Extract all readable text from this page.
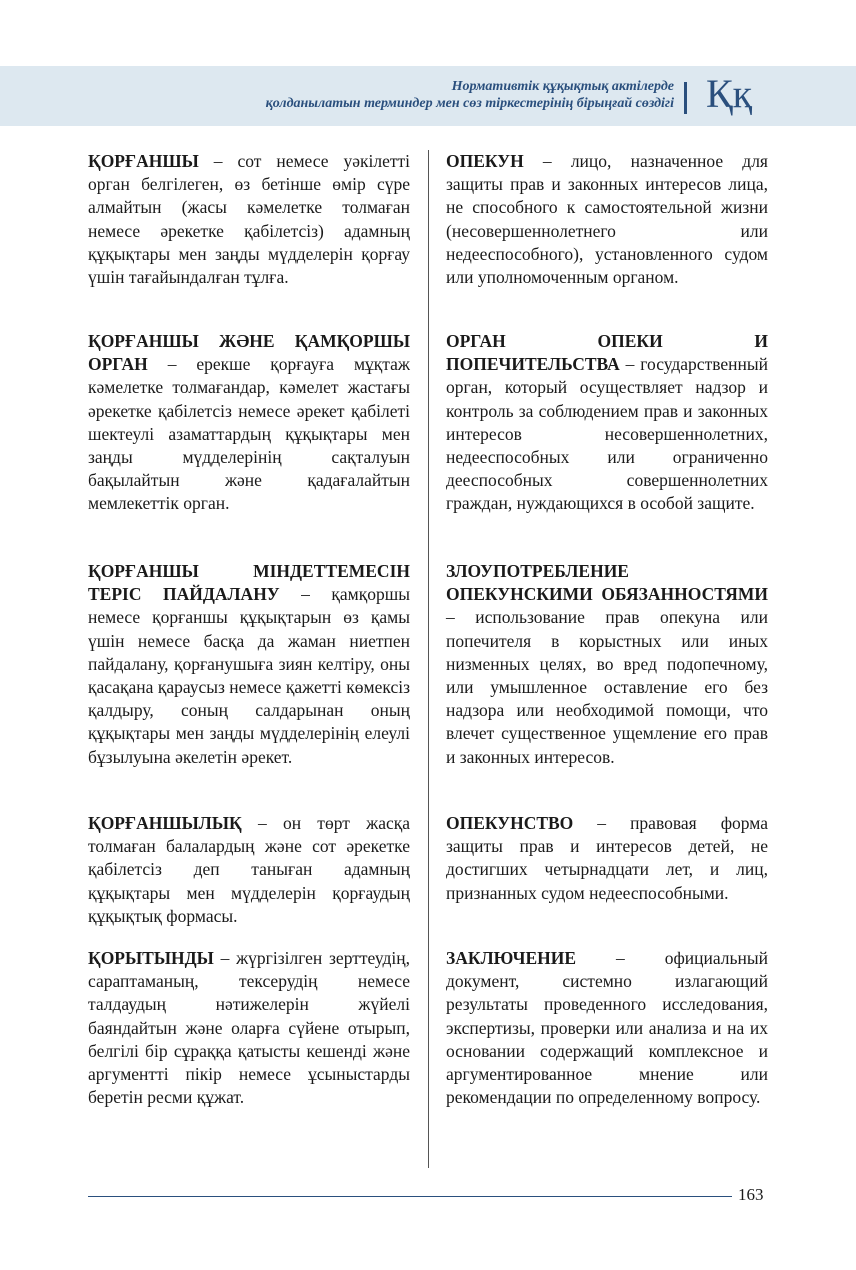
Нормативтік құқықтық актілерде
қолданылатын терминдер мен сөз тіркестерінің бірыңғай сөздігі Ққ
ҚОРҒАНШЫ – сот немесе уәкілетті орган белгілеген, өз бетінше өмір сүре алмайтын (жасы кәмелетке толмаған немесе әрекетке қабілетсіз) адамның құқықтары мен заңды мүдделерін қорғау үшін тағайындалған тұлға.
ҚОРҒАНШЫ ЖӘНЕ ҚАМҚОРШЫ ОРГАН – ерекше қорғауға мұқтаж кәмелетке толмағандар, кәмелет жастағы әрекетке қабілетсіз немесе әрекет қабілеті шектеулі азаматтардың құқықтары мен заңды мүдделерінің сақталуын бақылайтын және қадағалайтын мемлекеттік орган.
ҚОРҒАНШЫ МІНДЕТТЕМЕСІН ТЕРІС ПАЙДАЛАНУ – қамқоршы немесе қорғаншы құқықтарын өз қамы үшін немесе басқа да жаман ниетпен пайдалану, қорғанушыға зиян келтіру, оны қасақана қараусыз немесе қажетті көмексіз қалдыру, соның салдарынан оның құқықтары мен заңды мүдделерінің елеулі бұзылуына әкелетін әрекет.
ҚОРҒАНШЫЛЫҚ – он төрт жасқа толмаған балалардың және сот әрекетке қабілетсіз деп таныған адамның құқықтары мен мүдделерін қорғаудың құқықтық формасы.
ҚОРЫТЫНДЫ – жүргізілген зерттеудің, сараптаманың, тексерудің немесе талдаудың нәтижелерін жүйелі баяндайтын және оларға сүйене отырып, белгілі бір сұраққа қатысты кешенді және аргументті пікір немесе ұсыныстарды беретін ресми құжат.
ОПЕКУН – лицо, назначенное для защиты прав и законных интересов лица, не способного к самостоятельной жизни (несовершеннолетнего или недееспособного), установленного судом или уполномоченным органом.
ОРГАН ОПЕКИ И ПОПЕЧИТЕЛЬСТВА – государственный орган, который осуществляет надзор и контроль за соблюдением прав и законных интересов несовершеннолетних, недееспособных или ограниченно дееспособных совершеннолетних граждан, нуждающихся в особой защите.
ЗЛОУПОТРЕБЛЕНИЕ ОПЕКУНСКИМИ ОБЯЗАННОСТЯМИ – использование прав опекуна или попечителя в корыстных или иных низменных целях, во вред подопечному, или умышленное оставление его без надзора или необходимой помощи, что влечет существенное ущемление его прав и законных интересов.
ОПЕКУНСТВО – правовая форма защиты прав и интересов детей, не достигших четырнадцати лет, и лиц, признанных судом недееспособными.
ЗАКЛЮЧЕНИЕ – официальный документ, системно излагающий результаты проведенного исследования, экспертизы, проверки или анализа и на их основании содержащий комплексное и аргументированное мнение или рекомендации по определенному вопросу.
163
